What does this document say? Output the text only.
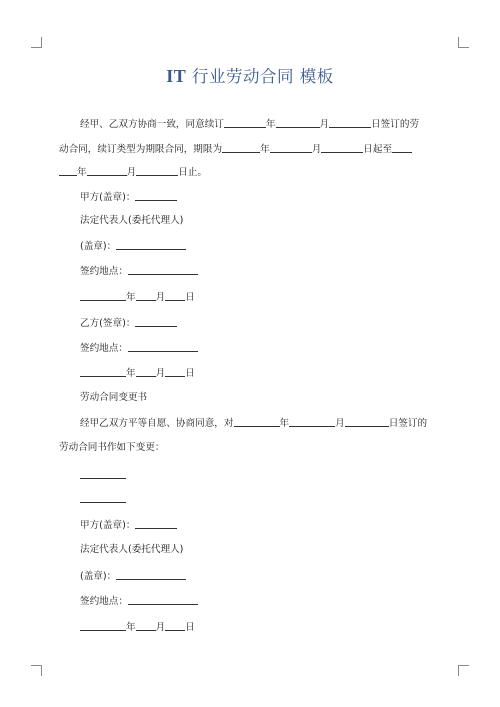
IT 行业劳动合同 模板
经甲、乙双方协商一致，同意续订	年	月	日签订的劳
动合同，续订类型为期限合同，期限为	年	月	日起至
年	月	日止。
甲方(盖章)：
法定代表人(委托代理人)
(盖章)：
签约地点：
年 月 日
乙方(签章)：
签约地点：
年 月 日
劳动合同变更书
经甲乙双方平等自愿、协商同意，对	年	月	日签订的
劳动合同书作如下变更：
甲方(盖章)：
法定代表人(委托代理人)
(盖章)：
签约地点：
年 月 日
